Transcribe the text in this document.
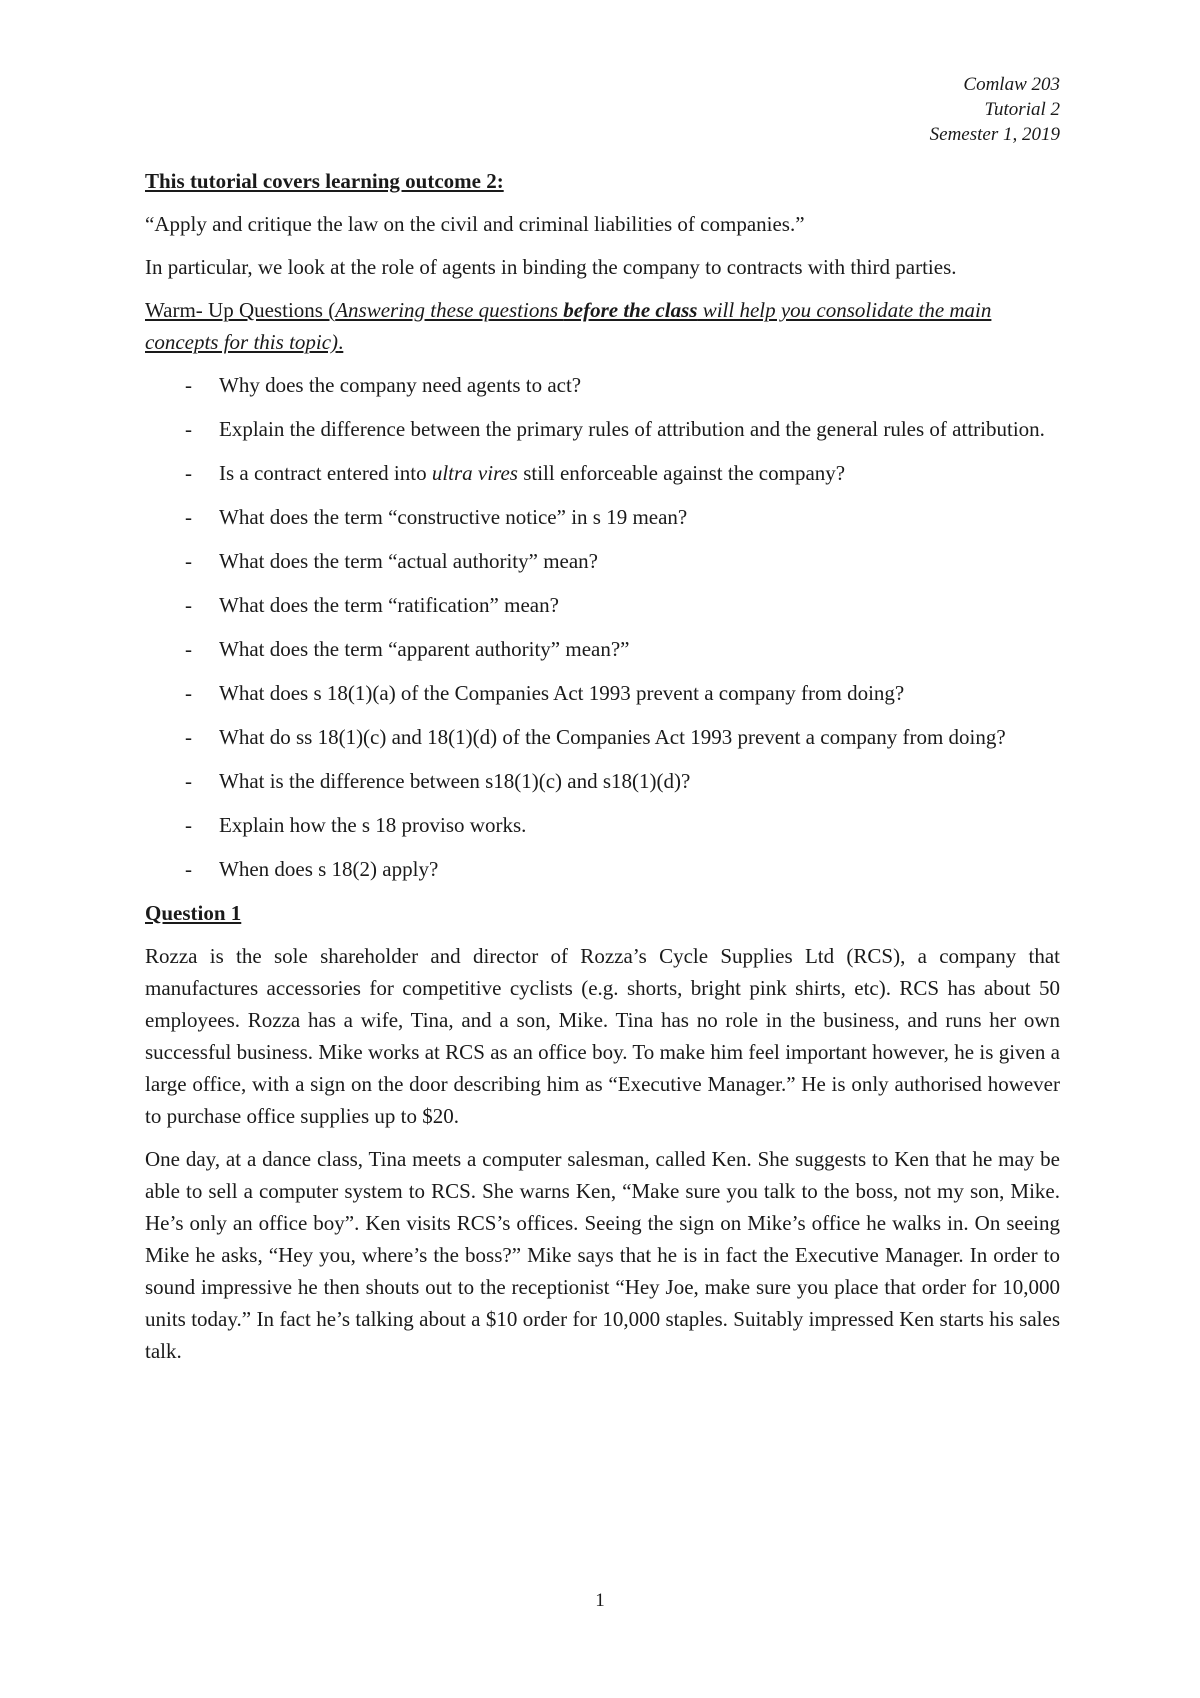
Comlaw 203
Tutorial 2
Semester 1, 2019

This tutorial covers learning outcome 2:

“Apply and critique the law on the civil and criminal liabilities of companies.”

In particular, we look at the role of agents in binding the company to contracts with third parties.

Warm- Up Questions (Answering these questions before the class will help you consolidate the main concepts for this topic).

- Why does the company need agents to act?
- Explain the difference between the primary rules of attribution and the general rules of attribution.
- Is a contract entered into ultra vires still enforceable against the company?
- What does the term “constructive notice” in s 19 mean?
- What does the term “actual authority” mean?
- What does the term “ratification” mean?
- What does the term “apparent authority” mean?”
- What does s 18(1)(a) of the Companies Act 1993 prevent a company from doing?
- What do ss 18(1)(c) and 18(1)(d) of the Companies Act 1993 prevent a company from doing?
- What is the difference between s18(1)(c) and s18(1)(d)?
- Explain how the s 18 proviso works.
- When does s 18(2) apply?

Question 1

Rozza is the sole shareholder and director of Rozza’s Cycle Supplies Ltd (RCS), a company that manufactures accessories for competitive cyclists (e.g. shorts, bright pink shirts, etc). RCS has about 50 employees. Rozza has a wife, Tina, and a son, Mike. Tina has no role in the business, and runs her own successful business. Mike works at RCS as an office boy. To make him feel important however, he is given a large office, with a sign on the door describing him as “Executive Manager.” He is only authorised however to purchase office supplies up to $20.

One day, at a dance class, Tina meets a computer salesman, called Ken. She suggests to Ken that he may be able to sell a computer system to RCS. She warns Ken, “Make sure you talk to the boss, not my son, Mike. He’s only an office boy”. Ken visits RCS’s offices. Seeing the sign on Mike’s office he walks in. On seeing Mike he asks, “Hey you, where’s the boss?” Mike says that he is in fact the Executive Manager. In order to sound impressive he then shouts out to the receptionist “Hey Joe, make sure you place that order for 10,000 units today.” In fact he’s talking about a $10 order for 10,000 staples. Suitably impressed Ken starts his sales talk.

1
